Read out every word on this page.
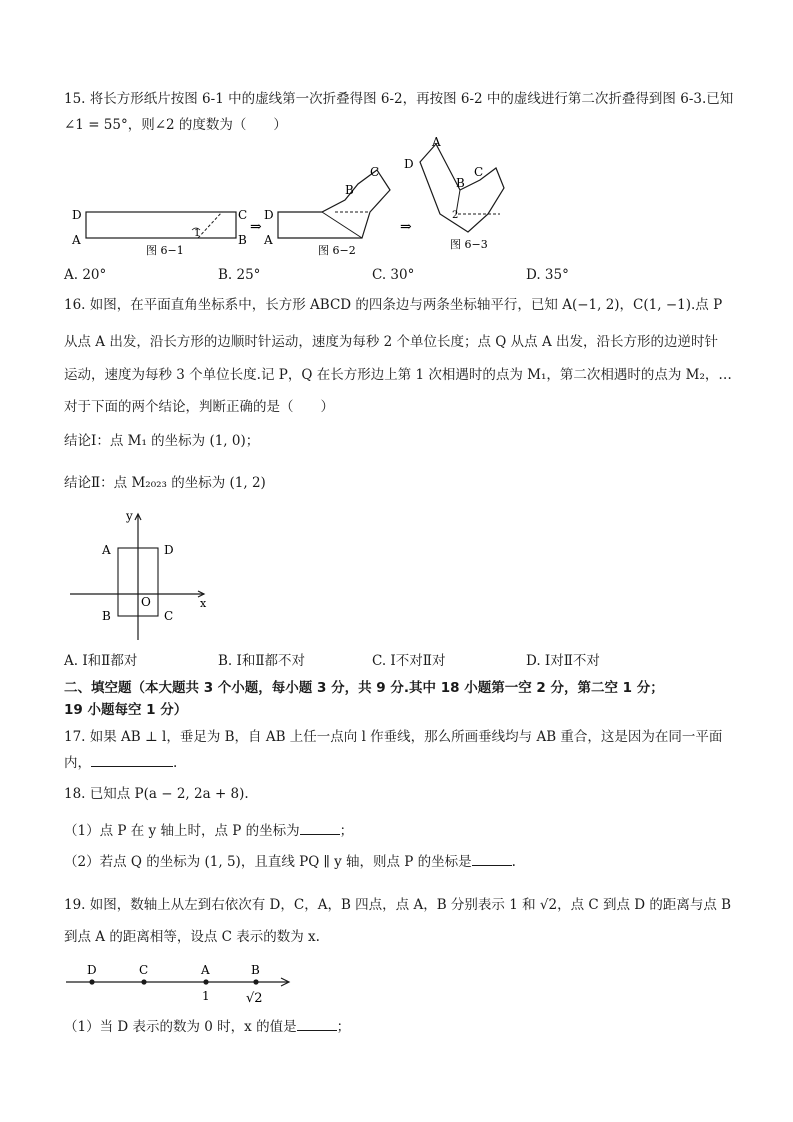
15. 将长方形纸片按图 6-1 中的虚线第一次折叠得图 6-2，再按图 6-2 中的虚线进行第二次折叠得到图 6-3.已知
∠1 = 55°，则∠2 的度数为（　　）
D
A
C
B
1
图 6−1
⇒
D
A
B
C
图 6−2
⇒
D
A
B
C
2
图 6−3
A. 20°	B. 25°	C. 30°	D. 35°
16. 如图，在平面直角坐标系中，长方形 ABCD 的四条边与两条坐标轴平行，已知 A(−1, 2)，C(1, −1).点 P
从点 A 出发，沿长方形的边顺时针运动，速度为每秒 2 个单位长度；点 Q 从点 A 出发，沿长方形的边逆时针
运动，速度为每秒 3 个单位长度.记 P，Q 在长方形边上第 1 次相遇时的点为 M₁，第二次相遇时的点为 M₂，…
对于下面的两个结论，判断正确的是（　　）
结论Ⅰ：点 M₁ 的坐标为 (1, 0)；
结论Ⅱ：点 M₂₀₂₃ 的坐标为 (1, 2)
y
x
O
A	D
B	C
A. Ⅰ和Ⅱ都对	B. Ⅰ和Ⅱ都不对	C. Ⅰ不对Ⅱ对	D. Ⅰ对Ⅱ不对
二、填空题（本大题共 3 个小题，每小题 3 分，共 9 分.其中 18 小题第一空 2 分，第二空 1 分；
19 小题每空 1 分）
17. 如果 AB ⊥ l，垂足为 B，自 AB 上任一点向 l 作垂线，那么所画垂线均与 AB 重合，这是因为在同一平面
内，	.
18. 已知点 P(a − 2, 2a + 8).
（1）点 P 在 y 轴上时，点 P 的坐标为	；
（2）若点 Q 的坐标为 (1, 5)，且直线 PQ ∥ y 轴，则点 P 的坐标是	.
19. 如图，数轴上从左到右依次有 D，C，A，B 四点，点 A，B 分别表示 1 和 √2，点 C 到点 D 的距离与点 B
到点 A 的距离相等，设点 C 表示的数为 x.
D	C	A	B
1	√2
（1）当 D 表示的数为 0 时，x 的值是	；
